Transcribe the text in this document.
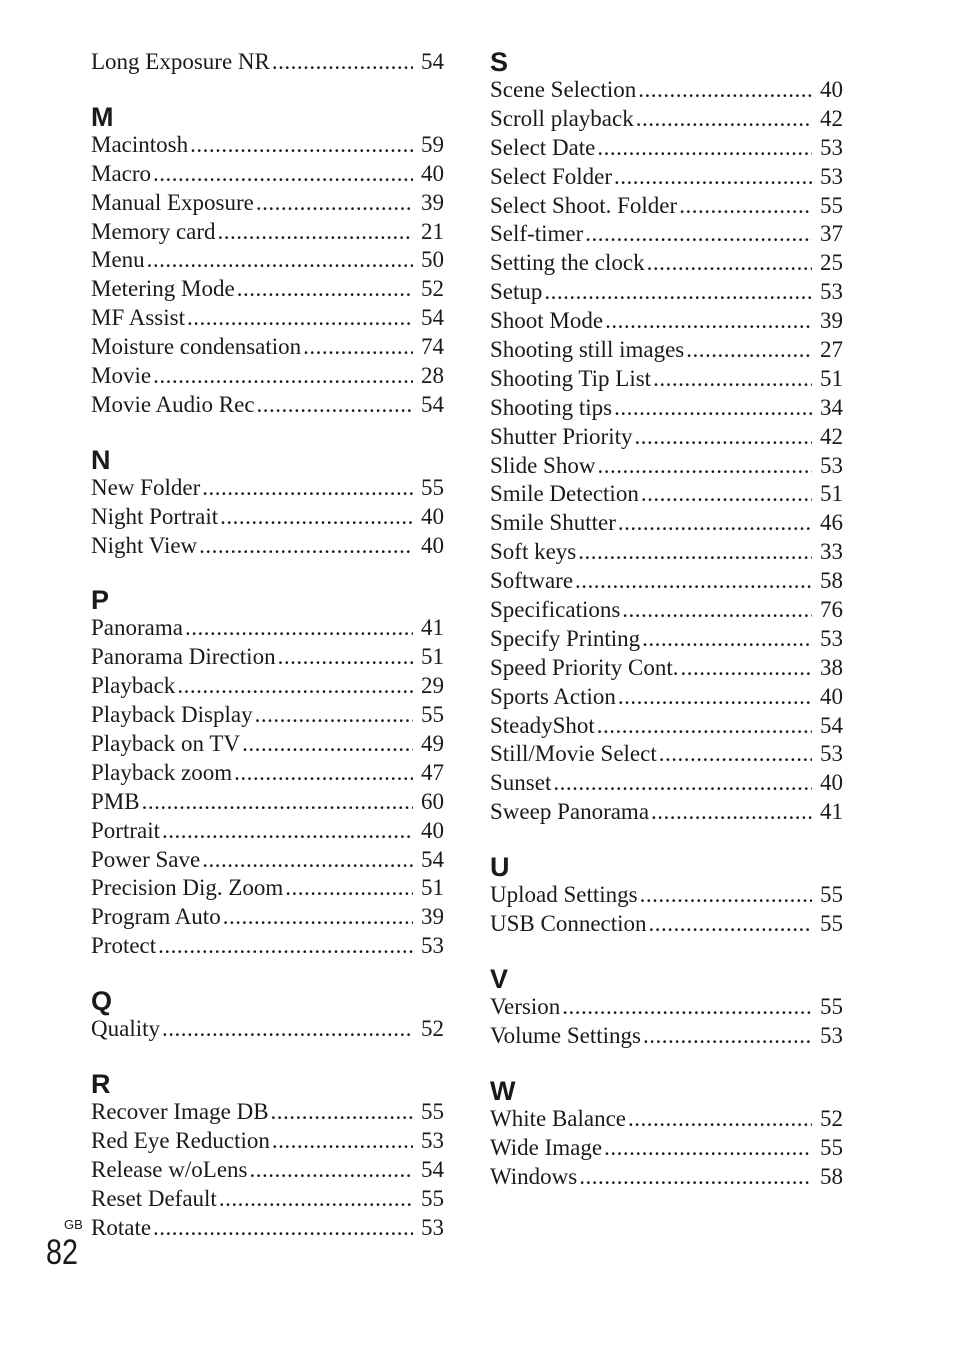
Long Exposure NR .....	54
M
Macintosh .....	59
Macro .....	40
Manual Exposure .....	39
Memory card .....	21
Menu .....	50
Metering Mode .....	52
MF Assist .....	54
Moisture condensation .....	74
Movie .....	28
Movie Audio Rec .....	54
N
New Folder .....	55
Night Portrait .....	40
Night View .....	40
P
Panorama .....	41
Panorama Direction .....	51
Playback .....	29
Playback Display .....	55
Playback on TV .....	49
Playback zoom .....	47
PMB .....	60
Portrait .....	40
Power Save .....	54
Precision Dig. Zoom .....	51
Program Auto .....	39
Protect .....	53
Q
Quality .....	52
R
Recover Image DB .....	55
Red Eye Reduction .....	53
Release w/oLens .....	54
Reset Default .....	55
Rotate .....	53
S
Scene Selection .....	40
Scroll playback .....	42
Select Date .....	53
Select Folder .....	53
Select Shoot. Folder .....	55
Self-timer .....	37
Setting the clock .....	25
Setup .....	53
Shoot Mode .....	39
Shooting still images .....	27
Shooting Tip List .....	51
Shooting tips .....	34
Shutter Priority .....	42
Slide Show .....	53
Smile Detection .....	51
Smile Shutter .....	46
Soft keys .....	33
Software .....	58
Specifications .....	76
Specify Printing .....	53
Speed Priority Cont. .....	38
Sports Action .....	40
SteadyShot .....	54
Still/Movie Select .....	53
Sunset .....	40
Sweep Panorama .....	41
U
Upload Settings .....	55
USB Connection .....	55
V
Version .....	55
Volume Settings .....	53
W
White Balance .....	52
Wide Image .....	55
Windows .....	58
GB
82
